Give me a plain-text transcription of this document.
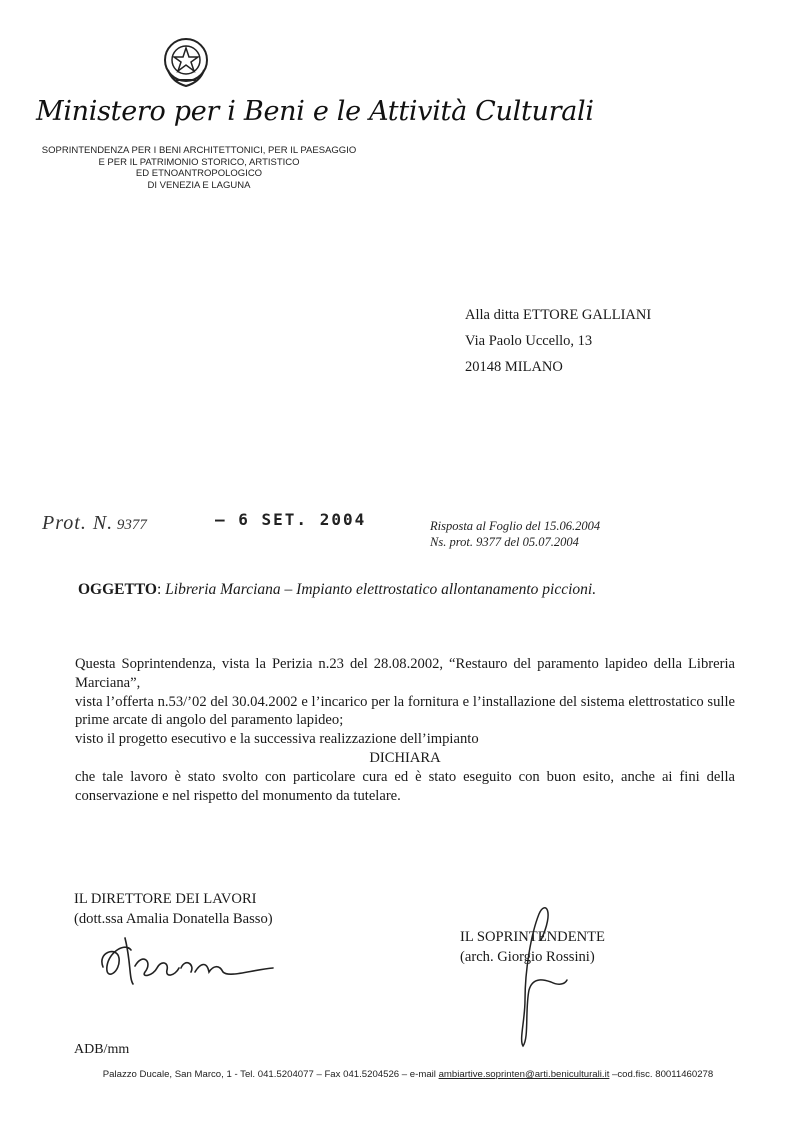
Ministero per i Beni e le Attività Culturali
SOPRINTENDENZA PER I BENI ARCHITETTONICI, PER IL PAESAGGIO
E PER IL PATRIMONIO STORICO, ARTISTICO
ED ETNOANTROPOLOGICO
DI VENEZIA E LAGUNA
Alla ditta ETTORE GALLIANI
Via Paolo Uccello, 13
20148 MILANO
Prot. N. 9377	– 6 SET. 2004	Risposta al Foglio del 15.06.2004
Ns. prot. 9377 del 05.07.2004
OGGETTO: Libreria Marciana – Impianto elettrostatico allontanamento piccioni.

Questa Soprintendenza, vista la Perizia n.23 del 28.08.2002, “Restauro del paramento lapideo della Libreria Marciana”,

vista l’offerta n.53/’02 del 30.04.2002 e l’incarico per la fornitura e l’installazione del sistema elettrostatico sulle prime arcate di angolo del paramento lapideo;

visto il progetto esecutivo e la successiva realizzazione dell’impianto

DICHIARA

che tale lavoro è stato svolto con particolare cura ed è stato eseguito con buon esito, anche ai fini della conservazione e nel rispetto del monumento da tutelare.

IL DIRETTORE DEI LAVORI
(dott.ssa Amalia Donatella Basso)
IL SOPRINTENDENTE
(arch. Giorgio Rossini)
ADB/mm
Palazzo Ducale, San Marco, 1 - Tel. 041.5204077 – Fax 041.5204526 – e-mail ambiartive.soprinten@arti.beniculturali.it –cod.fisc. 80011460278
